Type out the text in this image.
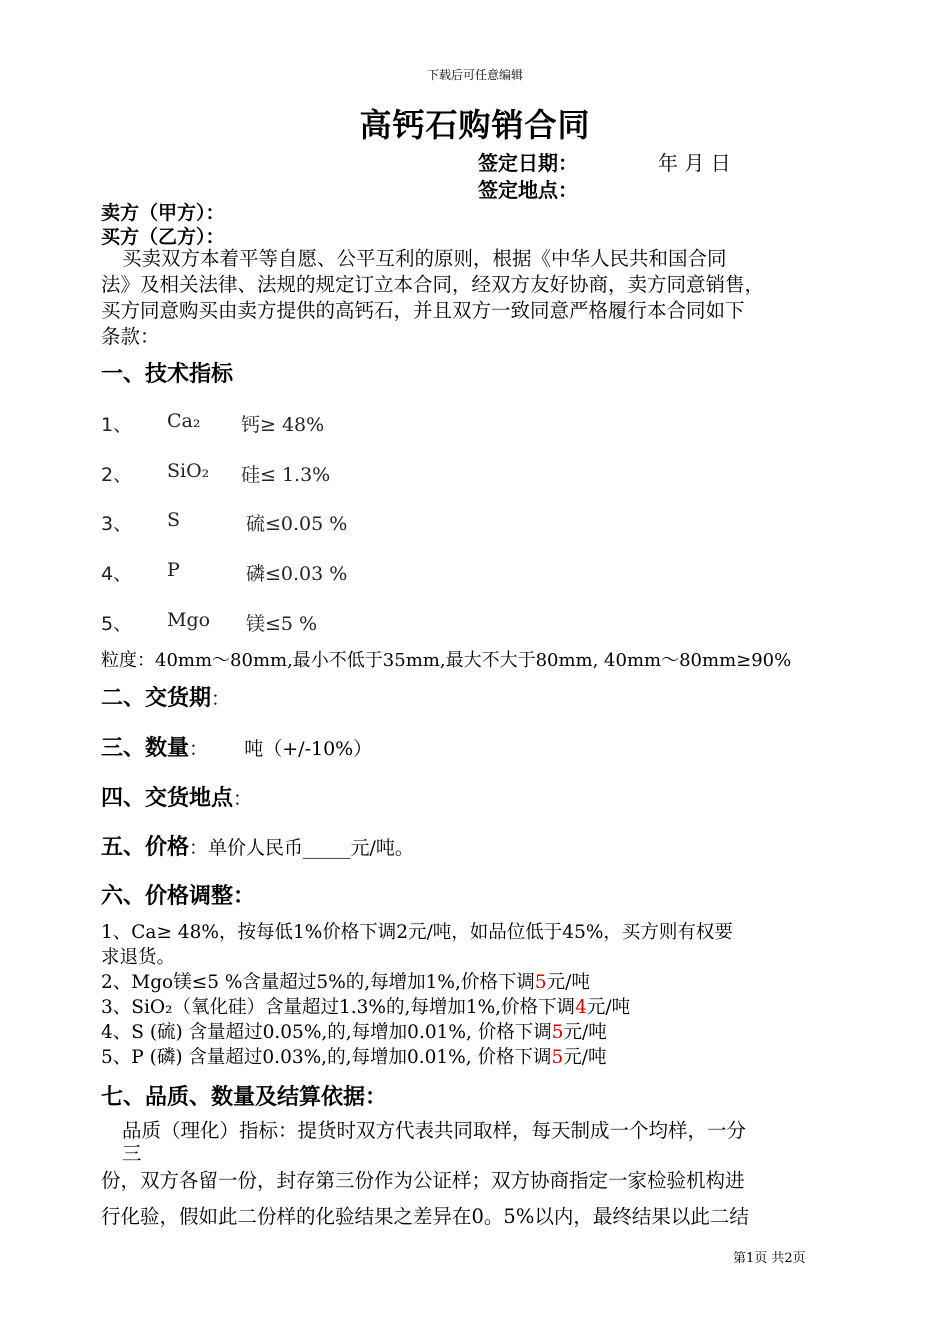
下载后可任意编辑
高钙石购销合同
签定日期：	年 月 日
签定地点：
卖方（甲方）：
买方（乙方）：
买卖双方本着平等自愿、公平互利的原则，根据《中华人民共和国合同
法》及相关法律、法规的规定订立本合同，经双方友好协商，卖方同意销售，
买方同意购买由卖方提供的高钙石，并且双方一致同意严格履行本合同如下
条款：
一、技术指标
1、 Ca₂ 钙≥ 48%
2、 SiO₂ 硅≤ 1.3%
3、 S	硫≤0.05 %
4、 P	磷≤0.03 %
5、 Mgo 镁≤5 %
粒度：40mm～80mm,最小不低于35mm,最大不大于80mm, 40mm～80mm≥90%
二、交货期：
三、数量：      吨（+/-10%）
四、交货地点：
五、价格：单价人民币_____元/吨。
六、价格调整：
1、Ca≥ 48%，按每低1%价格下调2元/吨，如品位低于45%，买方则有权要
求退货。
2、Mgo镁≤5 %含量超过5%的,每增加1%,价格下调5元/吨
3、SiO₂（氧化硅）含量超过1.3%的,每增加1%,价格下调4元/吨
4、S (硫) 含量超过0.05%,的,每增加0.01%, 价格下调5元/吨
5、P (磷) 含量超过0.03%,的,每增加0.01%, 价格下调5元/吨
七、品质、数量及结算依据：
品质（理化）指标：提货时双方代表共同取样，每天制成一个均样，一分
三
份，双方各留一份，封存第三份作为公证样；双方协商指定一家检验机构进
行化验，假如此二份样的化验结果之差异在0。5%以内，最终结果以此二结
第1页 共2页
